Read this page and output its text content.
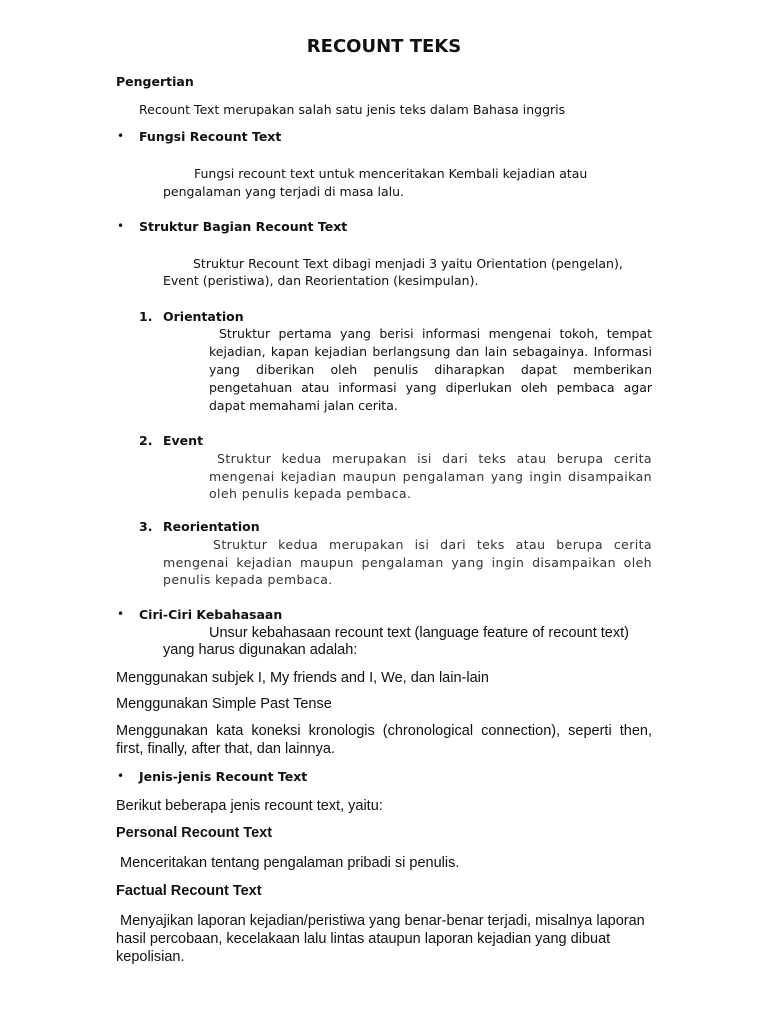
RECOUNT TEKS
Pengertian
Recount Text merupakan salah satu jenis teks dalam Bahasa inggris
• Fungsi Recount Text
Fungsi recount text untuk menceritakan Kembali kejadian atau
pengalaman yang terjadi di masa lalu.
• Struktur Bagian Recount Text
Struktur Recount Text dibagi menjadi 3 yaitu Orientation (pengelan),
Event (peristiwa), dan Reorientation (kesimpulan).
1. Orientation
Struktur pertama yang berisi informasi mengenai tokoh, tempat kejadian, kapan kejadian berlangsung dan lain sebagainya. Informasi yang diberikan oleh penulis diharapkan dapat memberikan pengetahuan atau informasi yang diperlukan oleh pembaca agar dapat memahami jalan cerita.
2. Event
Struktur kedua merupakan isi dari teks atau berupa cerita mengenai kejadian maupun pengalaman yang ingin disampaikan oleh penulis kepada pembaca.
3. Reorientation
Struktur kedua merupakan isi dari teks atau berupa cerita mengenai kejadian maupun pengalaman yang ingin disampaikan oleh penulis kepada pembaca.
• Ciri-Ciri Kebahasaan
Unsur kebahasaan recount text (language feature of recount text)
yang harus digunakan adalah:
Menggunakan subjek I, My friends and I, We, dan lain-lain
Menggunakan Simple Past Tense
Menggunakan kata koneksi kronologis (chronological connection), seperti then, first, finally, after that, dan lainnya.
• Jenis-jenis Recount Text
Berikut beberapa jenis recount text, yaitu:
Personal Recount Text
Menceritakan tentang pengalaman pribadi si penulis.
Factual Recount Text
Menyajikan laporan kejadian/peristiwa yang benar-benar terjadi, misalnya laporan hasil percobaan, kecelakaan lalu lintas ataupun laporan kejadian yang dibuat kepolisian.
